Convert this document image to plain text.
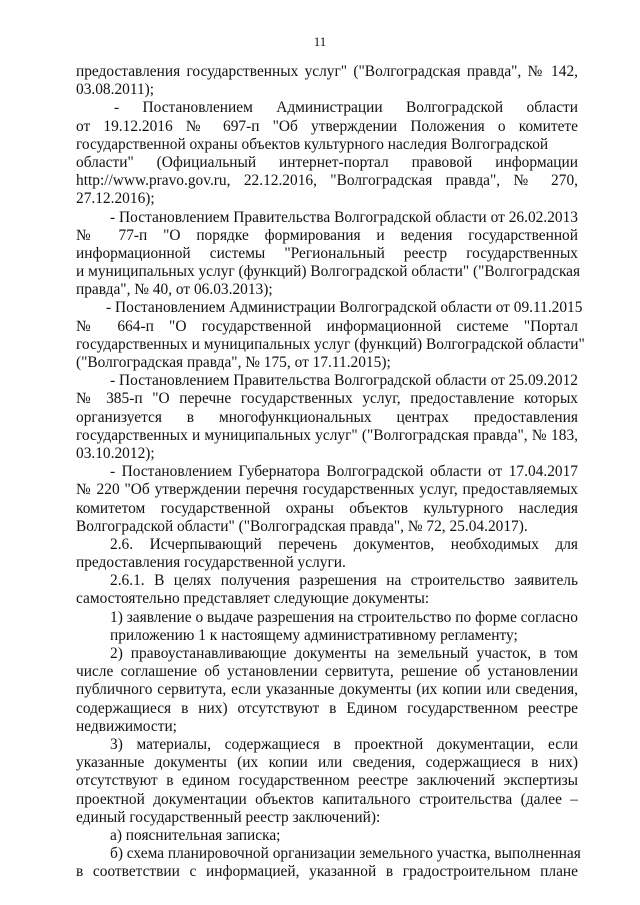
11
предоставления государственных услуг" ("Волгоградская правда", № 142,
03.08.2011);
- Постановлением Администрации Волгоградской области
от 19.12.2016 № 697-п "Об утверждении Положения о комитете
государственной охраны объектов культурного наследия Волгоградской
области" (Официальный интернет-портал правовой информации
http://www.pravo.gov.ru, 22.12.2016, "Волгоградская правда", № 270,
27.12.2016);
- Постановлением Правительства Волгоградской области от 26.02.2013
№ 77-п "О порядке формирования и ведения государственной
информационной системы "Региональный реестр государственных
и муниципальных услуг (функций) Волгоградской области" ("Волгоградская
правда", № 40, от 06.03.2013);
- Постановлением Администрации Волгоградской области от 09.11.2015
№ 664-п "О государственной информационной системе "Портал
государственных и муниципальных услуг (функций) Волгоградской области"
("Волгоградская правда", № 175, от 17.11.2015);
- Постановлением Правительства Волгоградской области от 25.09.2012
№ 385-п "О перечне государственных услуг, предоставление которых
организуется в многофункциональных центрах предоставления
государственных и муниципальных услуг" ("Волгоградская правда", № 183,
03.10.2012);
- Постановлением Губернатора Волгоградской области от 17.04.2017
№ 220 "Об утверждении перечня государственных услуг, предоставляемых
комитетом государственной охраны объектов культурного наследия
Волгоградской области" ("Волгоградская правда", № 72, 25.04.2017).
2.6. Исчерпывающий перечень документов, необходимых для
предоставления государственной услуги.
2.6.1. В целях получения разрешения на строительство заявитель
самостоятельно представляет следующие документы:
1) заявление о выдаче разрешения на строительство по форме согласно
приложению 1 к настоящему административному регламенту;
2) правоустанавливающие документы на земельный участок, в том
числе соглашение об установлении сервитута, решение об установлении
публичного сервитута, если указанные документы (их копии или сведения,
содержащиеся в них) отсутствуют в Едином государственном реестре
недвижимости;
3) материалы, содержащиеся в проектной документации, если
указанные документы (их копии или сведения, содержащиеся в них)
отсутствуют в едином государственном реестре заключений экспертизы
проектной документации объектов капитального строительства (далее –
единый государственный реестр заключений):
а) пояснительная записка;
б) схема планировочной организации земельного участка, выполненная
в соответствии с информацией, указанной в градостроительном плане
